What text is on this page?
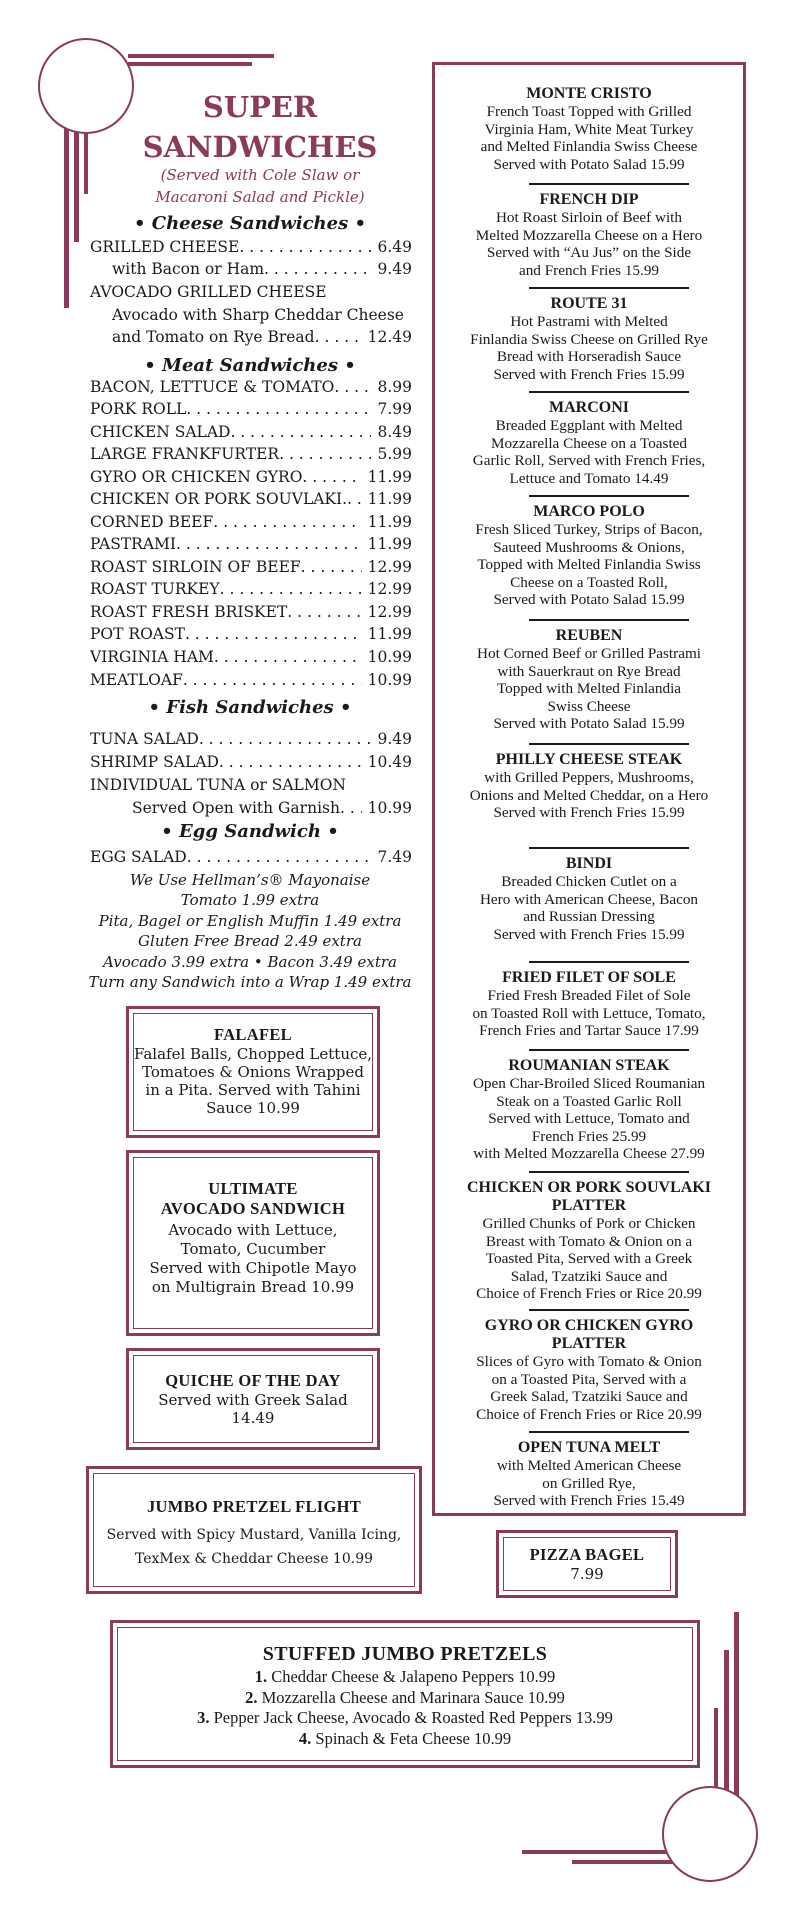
SUPER
SANDWICHES
(Served with Cole Slaw or
Macaroni Salad and Pickle)
• Cheese Sandwiches •
GRILLED CHEESE . . .	6.49
with Bacon or Ham . . .	9.49
AVOCADO GRILLED CHEESE
Avocado with Sharp Cheddar Cheese
and Tomato on Rye Bread . . .	12.49
• Meat Sandwiches •
BACON, LETTUCE & TOMATO . . .	8.99
PORK ROLL . . .	7.99
CHICKEN SALAD . . .	8.49
LARGE FRANKFURTER . . .	5.99
GYRO OR CHICKEN GYRO . . .	11.99
CHICKEN OR PORK SOUVLAKI. . . .	11.99
CORNED BEEF . . .	11.99
PASTRAMI . . .	11.99
ROAST SIRLOIN OF BEEF . . .	12.99
ROAST TURKEY . . .	12.99
ROAST FRESH BRISKET . . .	12.99
POT ROAST . . .	11.99
VIRGINIA HAM . . .	10.99
MEATLOAF . . .	10.99
• Fish Sandwiches •
TUNA SALAD . . .	9.49
SHRIMP SALAD . . .	10.49
INDIVIDUAL TUNA or SALMON
Served Open with Garnish . . .	10.99
• Egg Sandwich •
EGG SALAD . . .	7.49
We Use Hellman’s® Mayonaise
Tomato 1.99 extra
Pita, Bagel or English Muffin 1.49 extra
Gluten Free Bread 2.49 extra
Avocado 3.99 extra • Bacon 3.49 extra
Turn any Sandwich into a Wrap 1.49 extra
FALAFEL
Falafel Balls, Chopped Lettuce,
Tomatoes & Onions Wrapped
in a Pita. Served with Tahini
Sauce 10.99
ULTIMATE
AVOCADO SANDWICH
Avocado with Lettuce,
Tomato, Cucumber
Served with Chipotle Mayo
on Multigrain Bread 10.99
QUICHE OF THE DAY
Served with Greek Salad
14.49
JUMBO PRETZEL FLIGHT
Served with Spicy Mustard, Vanilla Icing,
TexMex & Cheddar Cheese 10.99	PIZZA BAGEL
7.99
STUFFED JUMBO PRETZELS
1. Cheddar Cheese & Jalapeno Peppers 10.99
2. Mozzarella Cheese and Marinara Sauce 10.99
3. Pepper Jack Cheese, Avocado & Roasted Red Peppers 13.99
4. Spinach & Feta Cheese 10.99
MONTE CRISTO
French Toast Topped with Grilled
Virginia Ham, White Meat Turkey
and Melted Finlandia Swiss Cheese
Served with Potato Salad 15.99
FRENCH DIP
Hot Roast Sirloin of Beef with
Melted Mozzarella Cheese on a Hero
Served with “Au Jus” on the Side
and French Fries 15.99
ROUTE 31
Hot Pastrami with Melted
Finlandia Swiss Cheese on Grilled Rye
Bread with Horseradish Sauce
Served with French Fries 15.99
MARCONI
Breaded Eggplant with Melted
Mozzarella Cheese on a Toasted
Garlic Roll, Served with French Fries,
Lettuce and Tomato 14.49
MARCO POLO
Fresh Sliced Turkey, Strips of Bacon,
Sauteed Mushrooms & Onions,
Topped with Melted Finlandia Swiss
Cheese on a Toasted Roll,
Served with Potato Salad 15.99
REUBEN
Hot Corned Beef or Grilled Pastrami
with Sauerkraut on Rye Bread
Topped with Melted Finlandia
Swiss Cheese
Served with Potato Salad 15.99
PHILLY CHEESE STEAK
with Grilled Peppers, Mushrooms,
Onions and Melted Cheddar, on a Hero
Served with French Fries 15.99
BINDI
Breaded Chicken Cutlet on a
Hero with American Cheese, Bacon
and Russian Dressing
Served with French Fries 15.99
FRIED FILET OF SOLE
Fried Fresh Breaded Filet of Sole
on Toasted Roll with Lettuce, Tomato,
French Fries and Tartar Sauce 17.99
ROUMANIAN STEAK
Open Char-Broiled Sliced Roumanian
Steak on a Toasted Garlic Roll
Served with Lettuce, Tomato and
French Fries 25.99
with Melted Mozzarella Cheese 27.99
CHICKEN OR PORK SOUVLAKI
PLATTER
Grilled Chunks of Pork or Chicken
Breast with Tomato & Onion on a
Toasted Pita, Served with a Greek
Salad, Tzatziki Sauce and
Choice of French Fries or Rice 20.99
GYRO OR CHICKEN GYRO
PLATTER
Slices of Gyro with Tomato & Onion
on a Toasted Pita, Served with a
Greek Salad, Tzatziki Sauce and
Choice of French Fries or Rice 20.99
OPEN TUNA MELT
with Melted American Cheese
on Grilled Rye,
Served with French Fries 15.49
